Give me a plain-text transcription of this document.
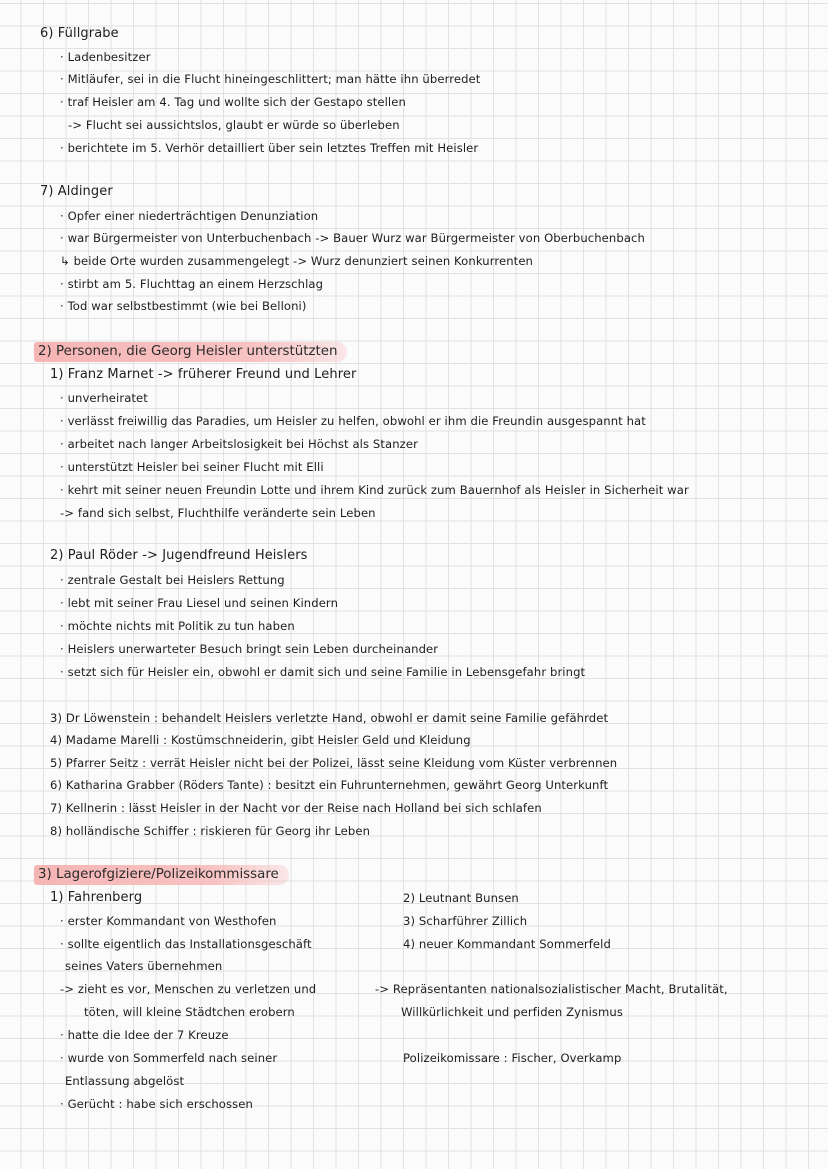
6) Füllgrabe
· Ladenbesitzer
· Mitläufer, sei in die Flucht hineingeschlittert; man hätte ihn überredet
· traf Heisler am 4. Tag und wollte sich der Gestapo stellen
-> Flucht sei aussichtslos, glaubt er würde so überleben
· berichtete im 5. Verhör detailliert über sein letztes Treffen mit Heisler
7) Aldinger
· Opfer einer niederträchtigen Denunziation
· war Bürgermeister von Unterbuchenbach -> Bauer Wurz war Bürgermeister von Oberbuchenbach
↳ beide Orte wurden zusammengelegt -> Wurz denunziert seinen Konkurrenten
· stirbt am 5. Fluchttag an einem Herzschlag
· Tod war selbstbestimmt (wie bei Belloni)
2) Personen, die Georg Heisler unterstützten
1) Franz Marnet -> früherer Freund und Lehrer
· unverheiratet
· verlässt freiwillig das Paradies, um Heisler zu helfen, obwohl er ihm die Freundin ausgespannt hat
· arbeitet nach langer Arbeitslosigkeit bei Höchst als Stanzer
· unterstützt Heisler bei seiner Flucht mit Elli
· kehrt mit seiner neuen Freundin Lotte und ihrem Kind zurück zum Bauernhof als Heisler in Sicherheit war
-> fand sich selbst, Fluchthilfe veränderte sein Leben
2) Paul Röder -> Jugendfreund Heislers
· zentrale Gestalt bei Heislers Rettung
· lebt mit seiner Frau Liesel und seinen Kindern
· möchte nichts mit Politik zu tun haben
· Heislers unerwarteter Besuch bringt sein Leben durcheinander
· setzt sich für Heisler ein, obwohl er damit sich und seine Familie in Lebensgefahr bringt
3) Dr Löwenstein : behandelt Heislers verletzte Hand, obwohl er damit seine Familie gefährdet
4) Madame Marelli : Kostümschneiderin, gibt Heisler Geld und Kleidung
5) Pfarrer Seitz : verrät Heisler nicht bei der Polizei, lässt seine Kleidung vom Küster verbrennen
6) Katharina Grabber (Röders Tante) : besitzt ein Fuhrunternehmen, gewährt Georg Unterkunft
7) Kellnerin : lässt Heisler in der Nacht vor der Reise nach Holland bei sich schlafen
8) holländische Schiffer : riskieren für Georg ihr Leben
3) Lagerofgiziere/Polizeikommissare
1) Fahrenberg
· erster Kommandant von Westhofen
· sollte eigentlich das Installationsgeschäft
seines Vaters übernehmen
-> zieht es vor, Menschen zu verletzen und
töten, will kleine Städtchen erobern
· hatte die Idee der 7 Kreuze
· wurde von Sommerfeld nach seiner
Entlassung abgelöst
· Gerücht : habe sich erschossen
2) Leutnant Bunsen
3) Scharführer Zillich
4) neuer Kommandant Sommerfeld
-> Repräsentanten nationalsozialistischer Macht, Brutalität,
Willkürlichkeit und perfiden Zynismus
Polizeikomissare : Fischer, Overkamp
